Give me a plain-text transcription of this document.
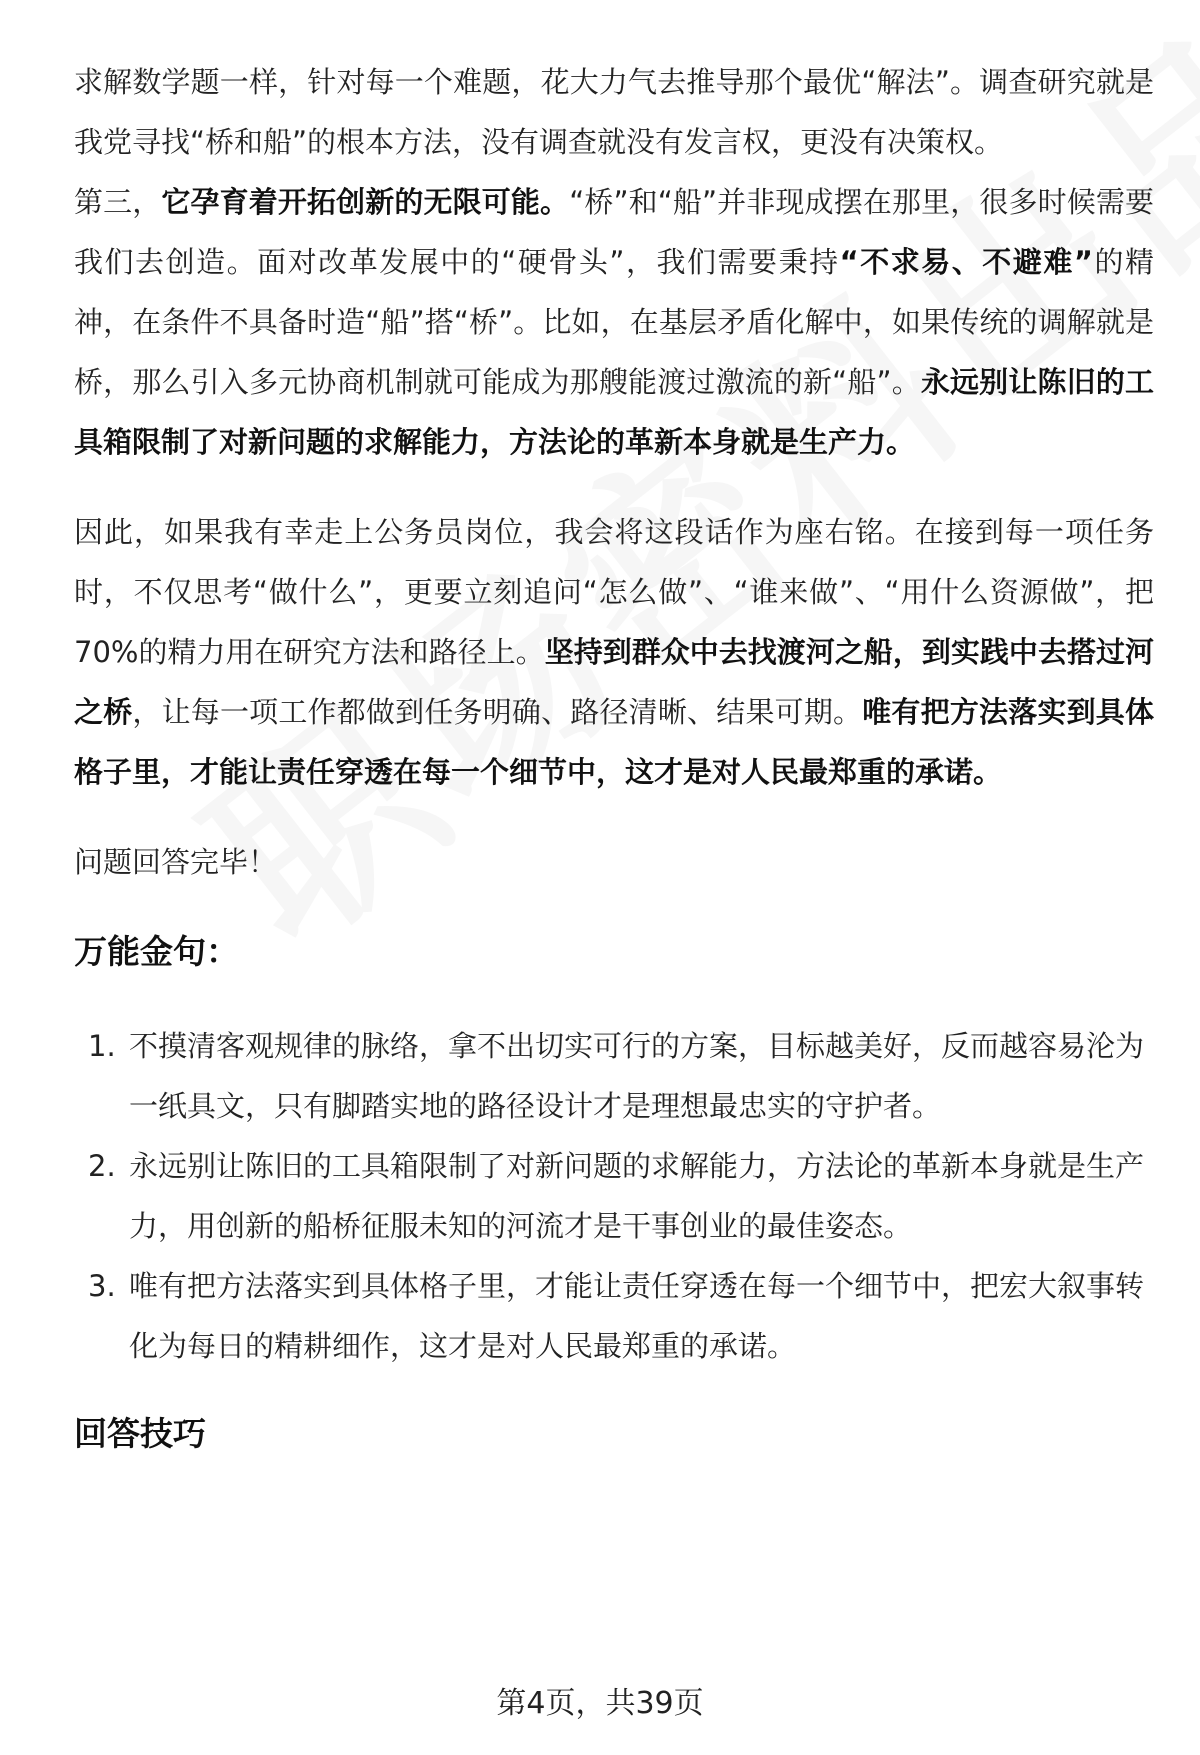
求解数学题一样，针对每一个难题，花大力气去推导那个最优“解法”。调查研究就是我党寻找“桥和船”的根本方法，没有调查就没有发言权，更没有决策权。
第三，它孕育着开拓创新的无限可能。“桥”和“船”并非现成摆在那里，很多时候需要我们去创造。面对改革发展中的“硬骨头”，我们需要秉持“不求易、不避难”的精神，在条件不具备时造“船”搭“桥”。比如，在基层矛盾化解中，如果传统的调解就是桥，那么引入多元协商机制就可能成为那艘能渡过激流的新“船”。永远别让陈旧的工具箱限制了对新问题的求解能力，方法论的革新本身就是生产力。

因此，如果我有幸走上公务员岗位，我会将这段话作为座右铭。在接到每一项任务时，不仅思考“做什么”，更要立刻追问“怎么做”、“谁来做”、“用什么资源做”，把70%的精力用在研究方法和路径上。坚持到群众中去找渡河之船，到实践中去搭过河之桥，让每一项工作都做到任务明确、路径清晰、结果可期。唯有把方法落实到具体格子里，才能让责任穿透在每一个细节中，这才是对人民最郑重的承诺。

问题回答完毕！

万能金句：
1. 不摸清客观规律的脉络，拿不出切实可行的方案，目标越美好，反而越容易沦为一纸具文，只有脚踏实地的路径设计才是理想最忠实的守护者。
2. 永远别让陈旧的工具箱限制了对新问题的求解能力，方法论的革新本身就是生产力，用创新的船桥征服未知的河流才是干事创业的最佳姿态。
3. 唯有把方法落实到具体格子里，才能让责任穿透在每一个细节中，把宏大叙事转化为每日的精耕细作，这才是对人民最郑重的承诺。
回答技巧
第4页，共39页
